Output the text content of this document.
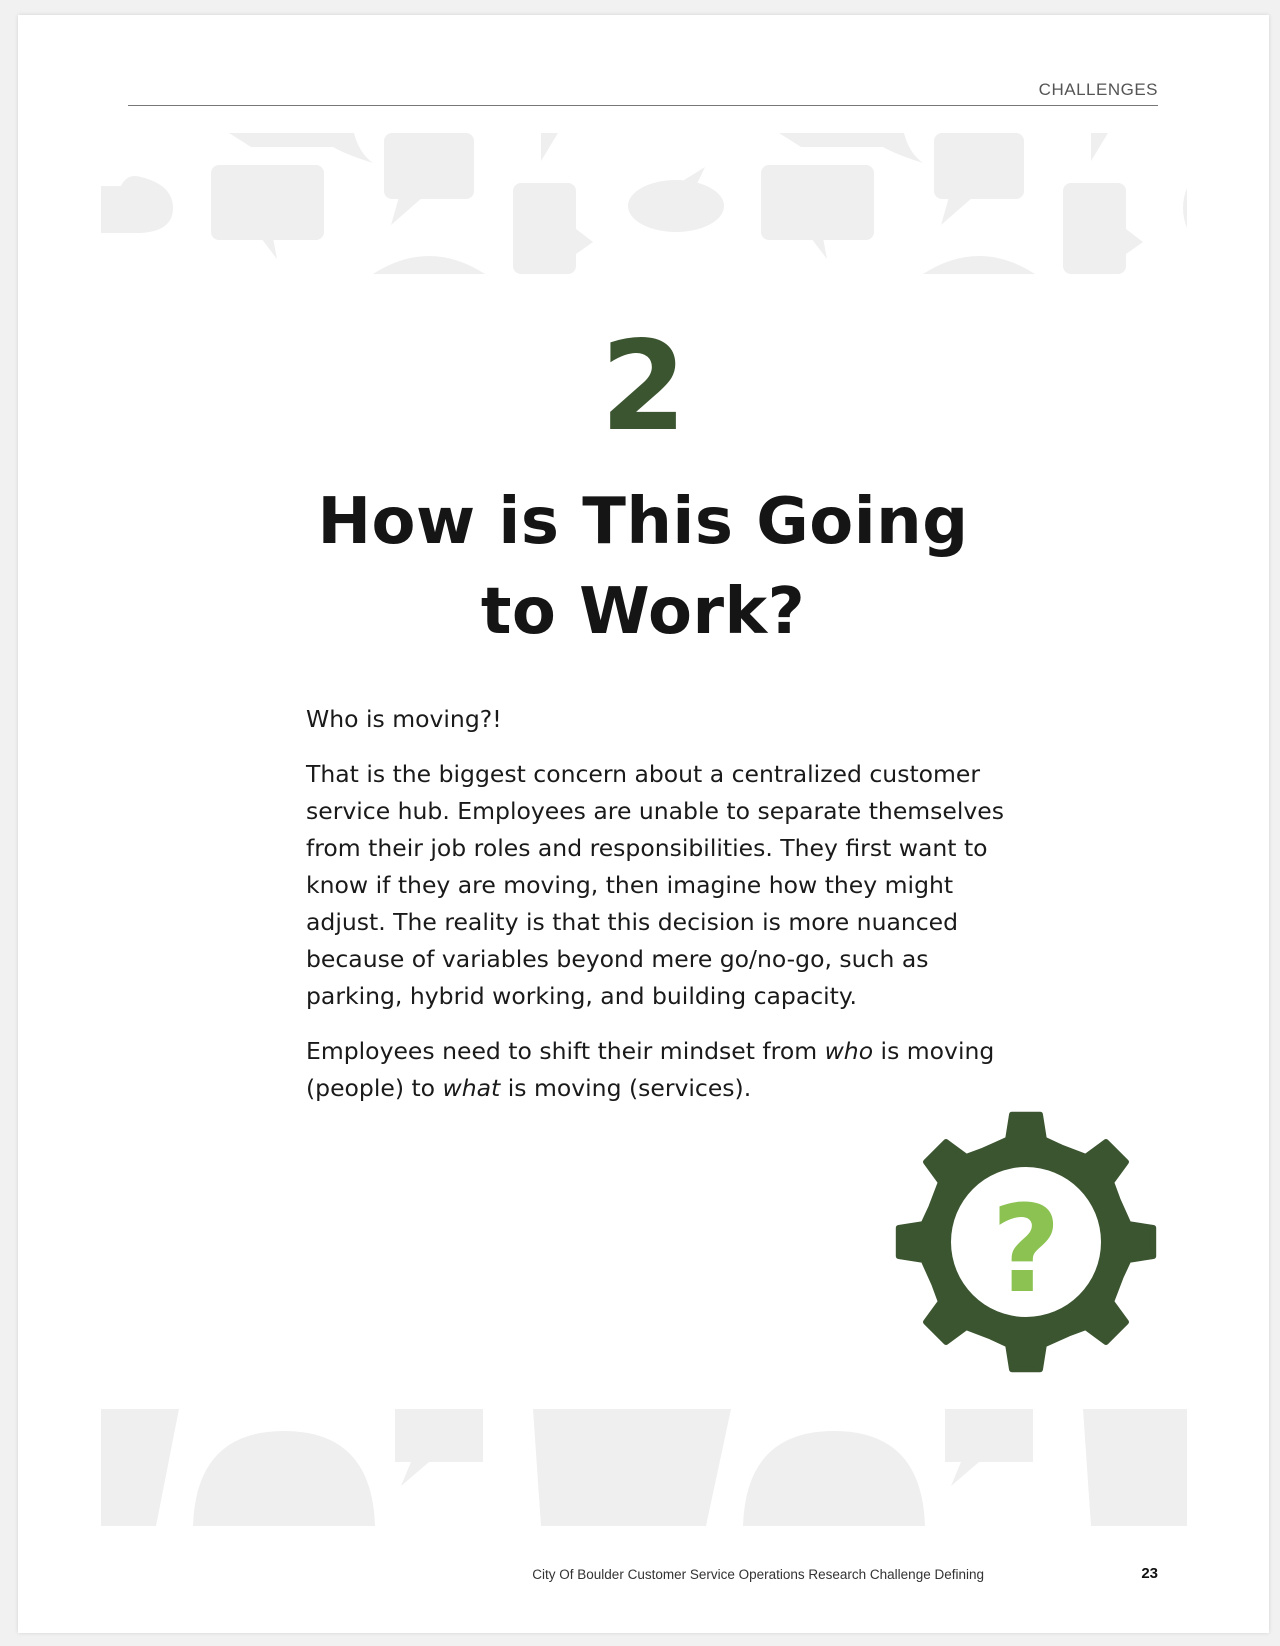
CHALLENGES
2
How is This Going
to Work?

Who is moving?!

That is the biggest concern about a centralized customer service hub. Employees are unable to separate themselves from their job roles and responsibilities. They first want to know if they are moving, then imagine how they might adjust. The reality is that this decision is more nuanced because of variables beyond mere go/no-go, such as parking, hybrid working, and building capacity.

Employees need to shift their mindset from who is moving (people) to what is moving (services).

?
City Of Boulder Customer Service Operations Research Challenge Defining	23
